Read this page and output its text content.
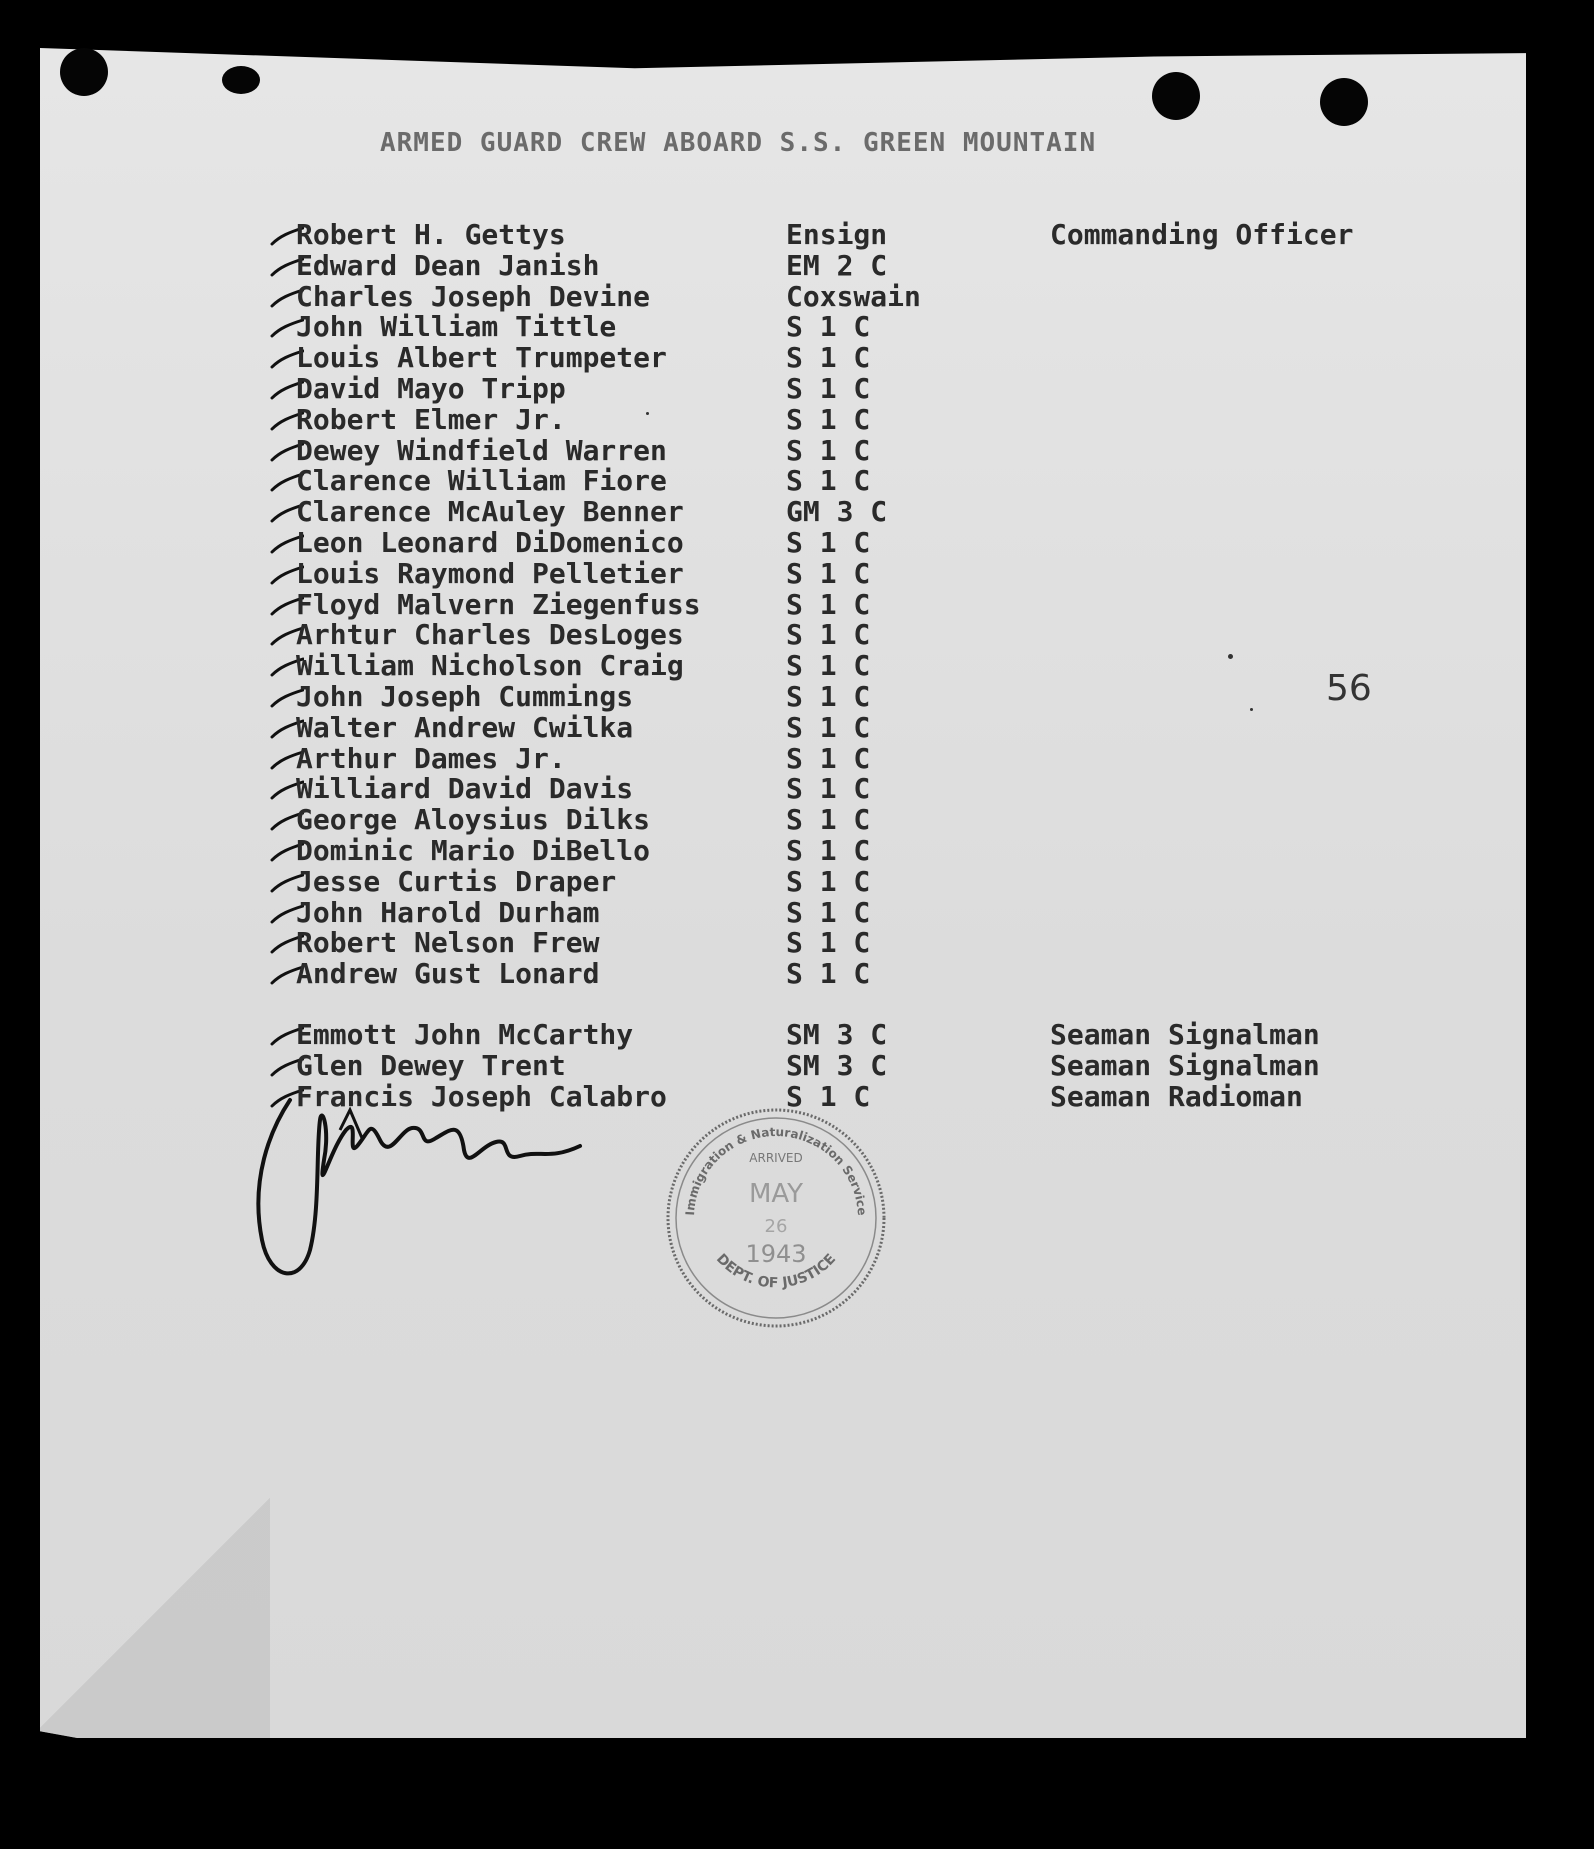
ARMED GUARD CREW ABOARD S.S. GREEN MOUNTAIN
Robert H. Gettys	Ensign	Commanding Officer
Edward Dean Janish	EM 2 C
Charles Joseph Devine	Coxswain
John William Tittle	S 1 C
Louis Albert Trumpeter	S 1 C
David Mayo Tripp	S 1 C
Robert Elmer Jr.	S 1 C
Dewey Windfield Warren	S 1 C
Clarence William Fiore	S 1 C
Clarence McAuley Benner	GM 3 C
Leon Leonard DiDomenico	S 1 C
Louis Raymond Pelletier	S 1 C
Floyd Malvern Ziegenfuss	S 1 C
Arhtur Charles DesLoges	S 1 C
William Nicholson Craig	S 1 C
John Joseph Cummings	S 1 C
Walter Andrew Cwilka	S 1 C
Arthur Dames Jr.	S 1 C
Williard David Davis	S 1 C
George Aloysius Dilks	S 1 C
Dominic Mario DiBello	S 1 C
Jesse Curtis Draper	S 1 C
John Harold Durham	S 1 C
Robert Nelson Frew	S 1 C
Andrew Gust Lonard	S 1 C
Emmott John McCarthy	SM 3 C	Seaman Signalman
Glen Dewey Trent	SM 3 C	Seaman Signalman
Francis Joseph Calabro	S 1 C	Seaman Radioman
56
Immigration & Naturalization Service
DEPT. OF JUSTICE
ARRIVED
MAY
26
1943
